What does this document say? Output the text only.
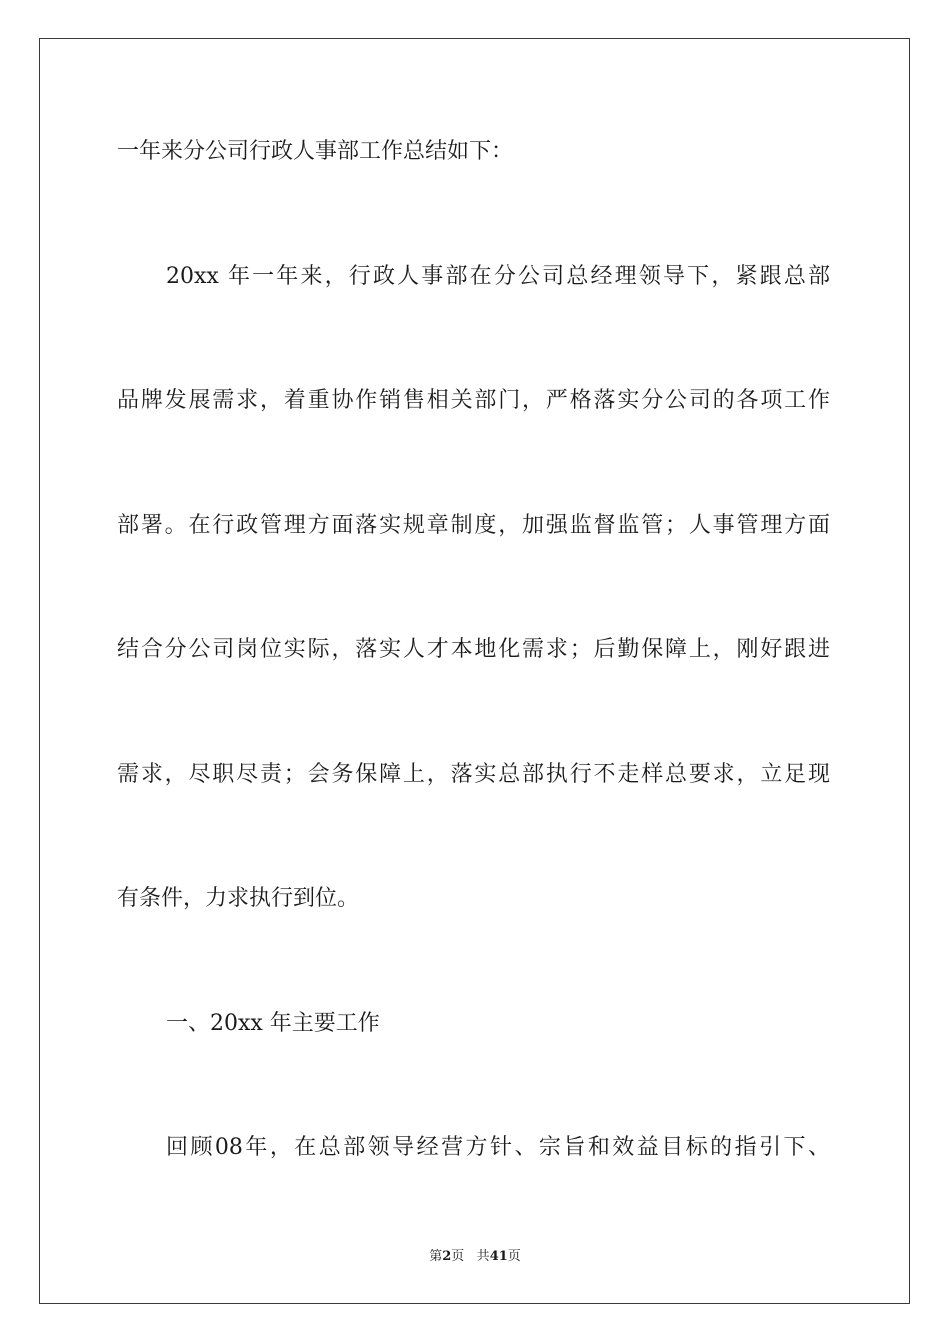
一年来分公司行政人事部工作总结如下：
20xx 年一年来，行政人事部在分公司总经理领导下，紧跟总部
品牌发展需求，着重协作销售相关部门，严格落实分公司的各项工作
部署。在行政管理方面落实规章制度，加强监督监管；人事管理方面
结合分公司岗位实际，落实人才本地化需求；后勤保障上，刚好跟进
需求，尽职尽责；会务保障上，落实总部执行不走样总要求，立足现
有条件，力求执行到位。
一、20xx 年主要工作
回顾08年，在总部领导经营方针、宗旨和效益目标的指引下、
第2页 共41页
